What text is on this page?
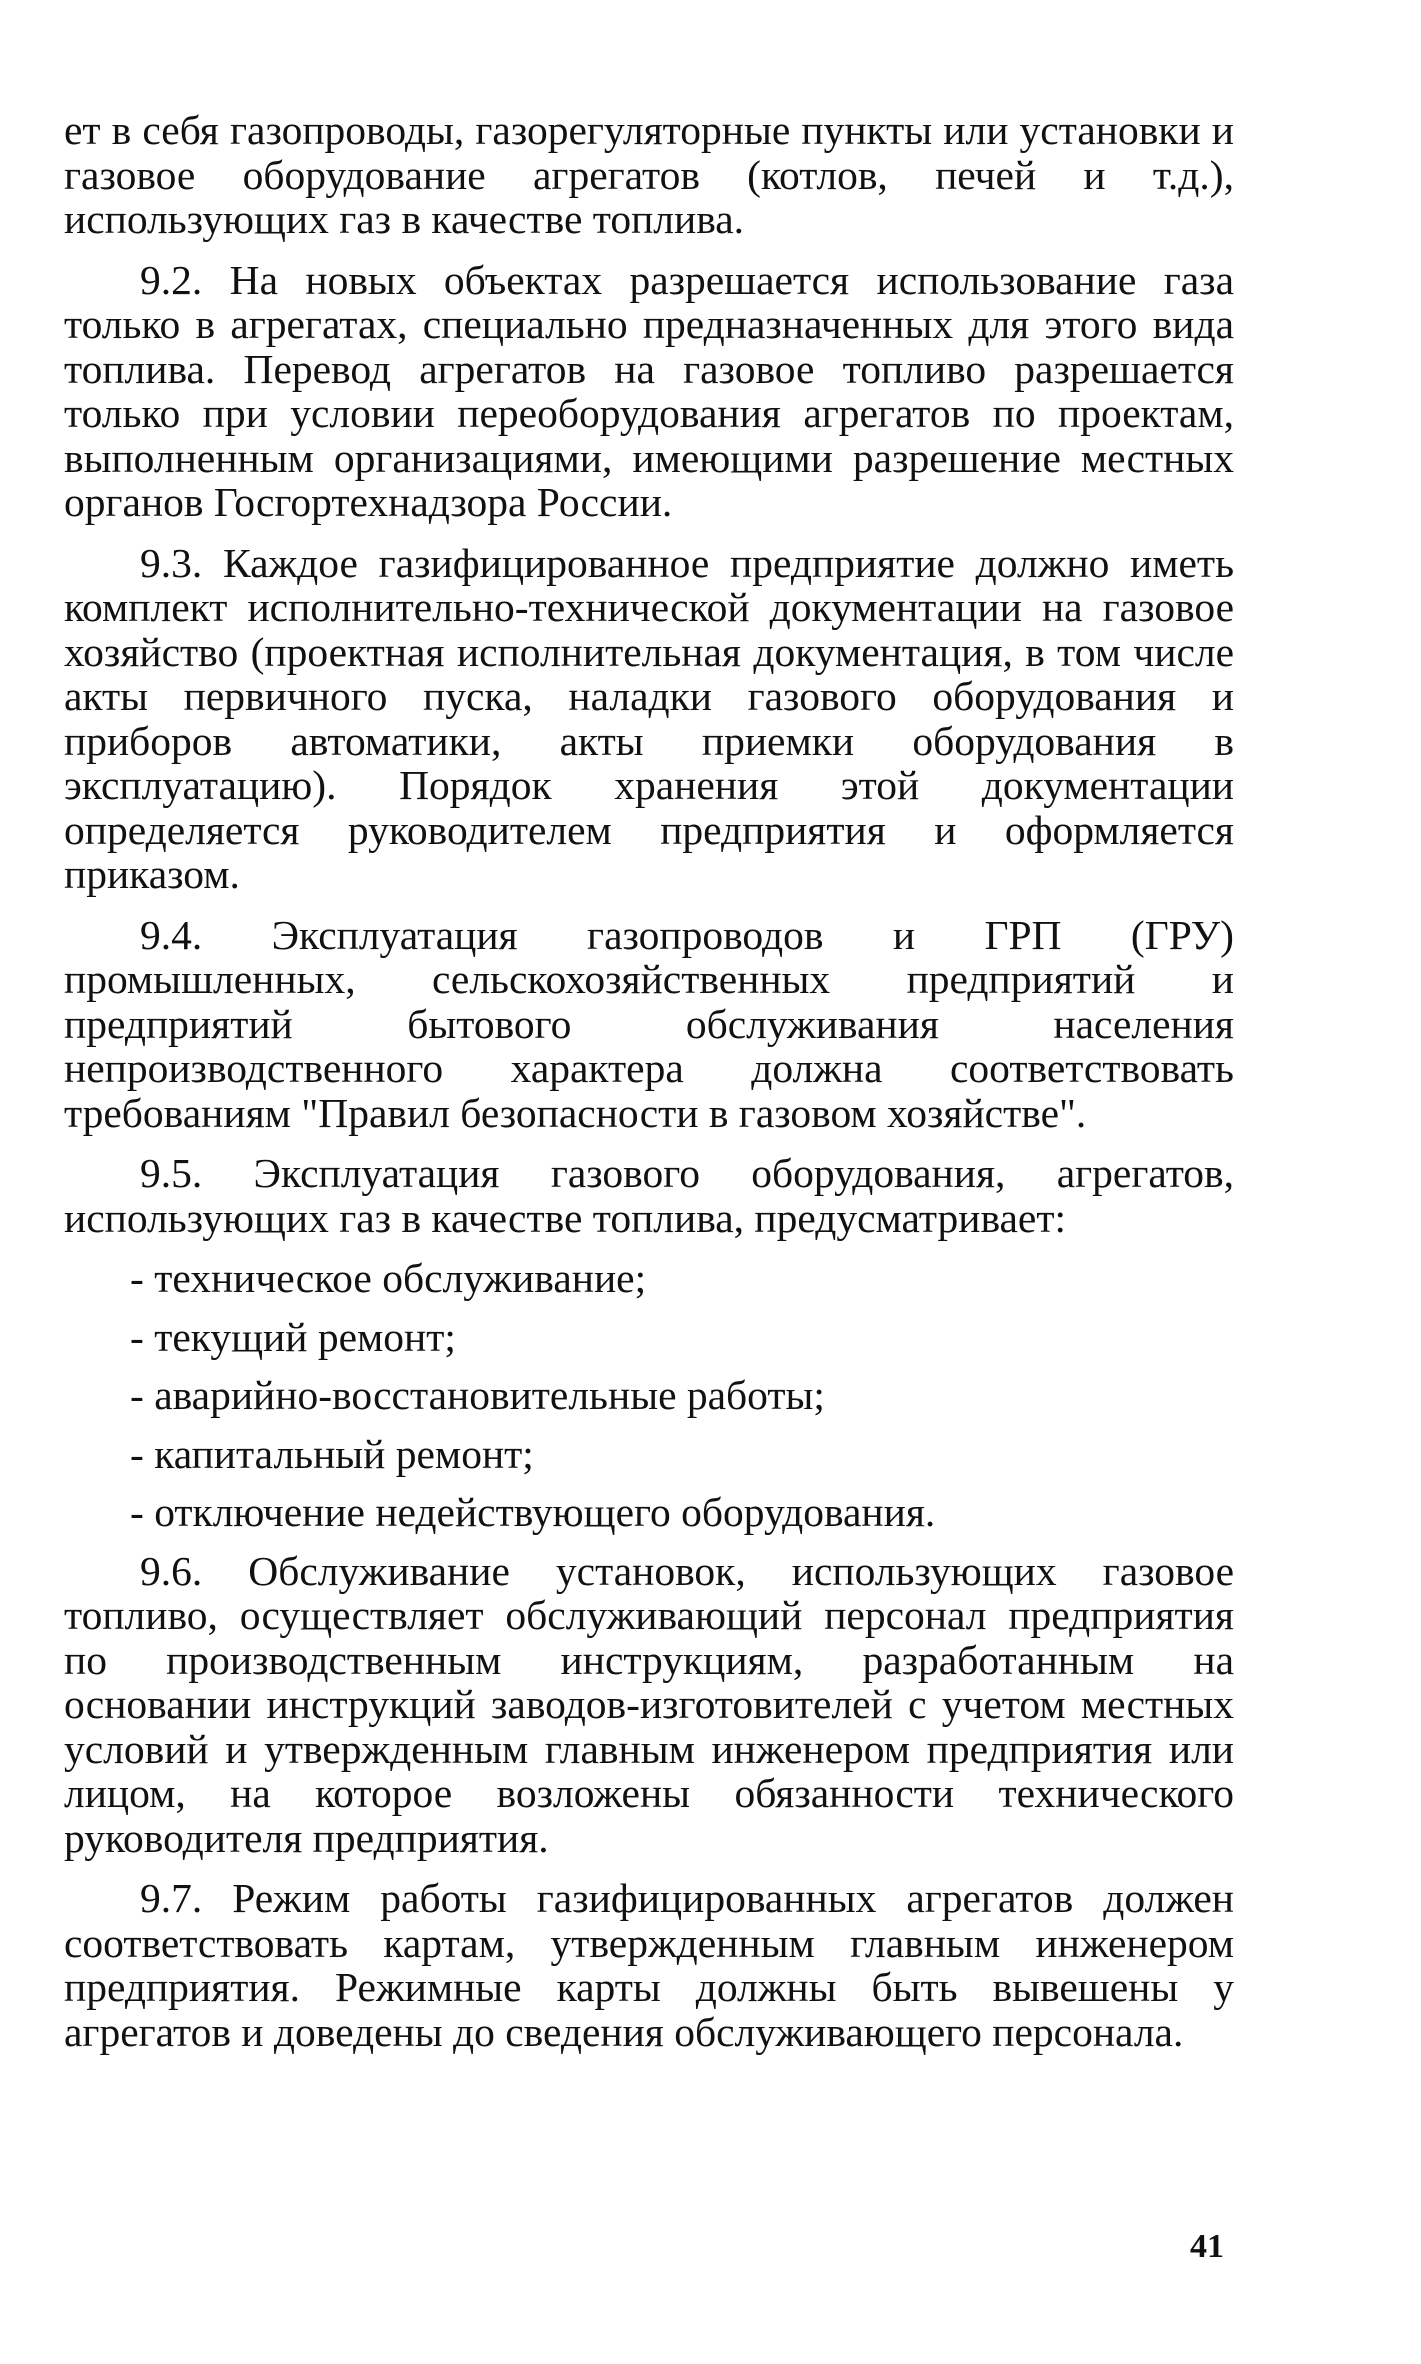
ет в себя газопроводы, газорегуляторные пункты или установки и газовое оборудование агрегатов (котлов, печей и т.д.), использующих газ в качестве топлива.

9.2. На новых объектах разрешается использование газа только в агрегатах, специально предназначенных для этого вида топлива. Перевод агрегатов на газовое топливо разрешается только при условии переоборудования агрегатов по проектам, выполненным организациями, имеющими разрешение местных органов Госгортехнадзора России.

9.3. Каждое газифицированное предприятие должно иметь комплект исполнительно-технической документации на газовое хозяйство (проектная исполнительная документация, в том числе акты первичного пуска, наладки газового оборудования и приборов автоматики, акты приемки оборудования в эксплуатацию). Порядок хранения этой документации определяется руководителем предприятия и оформляется приказом.

9.4. Эксплуатация газопроводов и ГРП (ГРУ) промышленных, сельскохозяйственных предприятий и предприятий бытового обслуживания населения непроизводственного характера должна соответствовать требованиям "Правил безопасности в газовом хозяйстве".

9.5. Эксплуатация газового оборудования, агрегатов, использующих газ в качестве топлива, предусматривает:

- техническое обслуживание;
- текущий ремонт;
- аварийно-восстановительные работы;
- капитальный ремонт;
- отключение недействующего оборудования.

9.6. Обслуживание установок, использующих газовое топливо, осуществляет обслуживающий персонал предприятия по производственным инструкциям, разработанным на основании инструкций заводов-изготовителей с учетом местных условий и утвержденным главным инженером предприятия или лицом, на которое возложены обязанности технического руководителя предприятия.

9.7. Режим работы газифицированных агрегатов должен соответствовать картам, утвержденным главным инженером предприятия. Режимные карты должны быть вывешены у агрегатов и доведены до сведения обслуживающего персонала.

41
